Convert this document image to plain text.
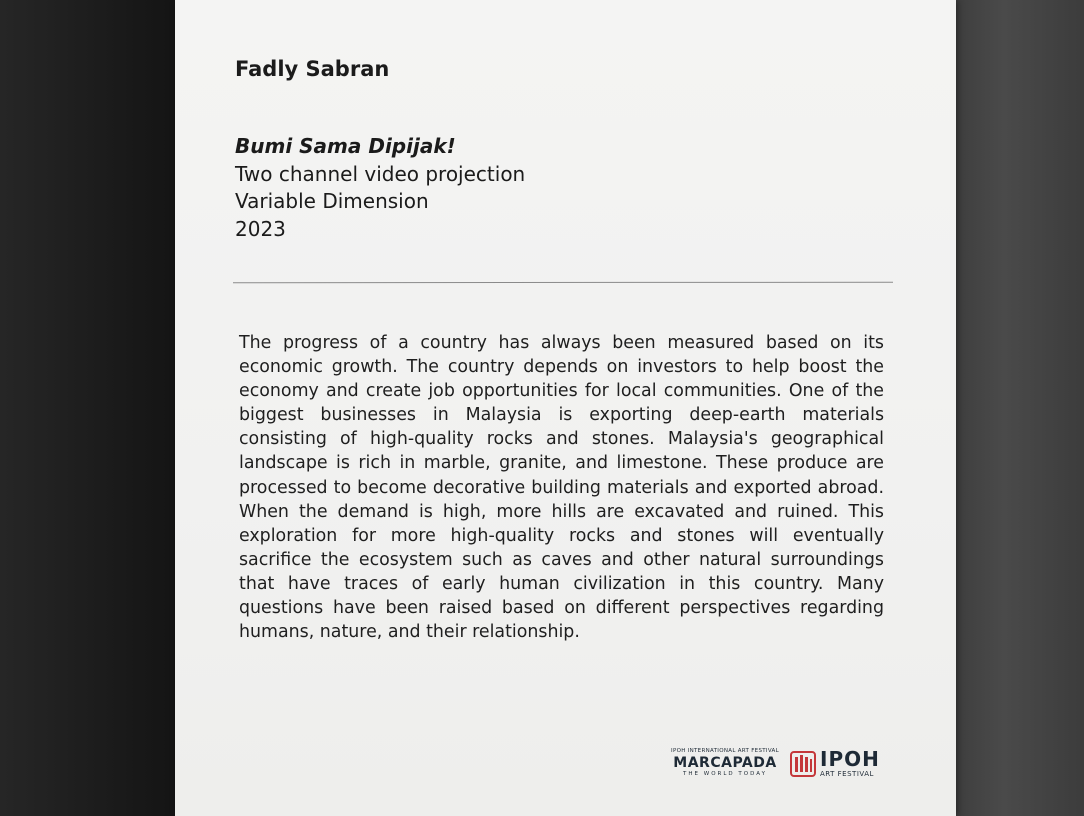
Fadly Sabran
Bumi Sama Dipijak!
Two channel video projection
Variable Dimension
2023

The progress of a country has always been measured based on its economic growth. The country depends on investors to help boost the economy and create job opportunities for local communities. One of the biggest businesses in Malaysia is exporting deep-earth materials consisting of high-quality rocks and stones. Malaysia's geographical landscape is rich in marble, granite, and limestone. These produce are processed to become decorative building materials and exported abroad. When the demand is high, more hills are excavated and ruined. This exploration for more high-quality rocks and stones will eventually sacrifice the ecosystem such as caves and other natural surroundings that have traces of early human civilization in this country. Many questions have been raised based on different perspectives regarding humans, nature, and their relationship.

IPOH INTERNATIONAL ART FESTIVAL
MARCAPADA
THE WORLD TODAY
IPOH
ART FESTIVAL
